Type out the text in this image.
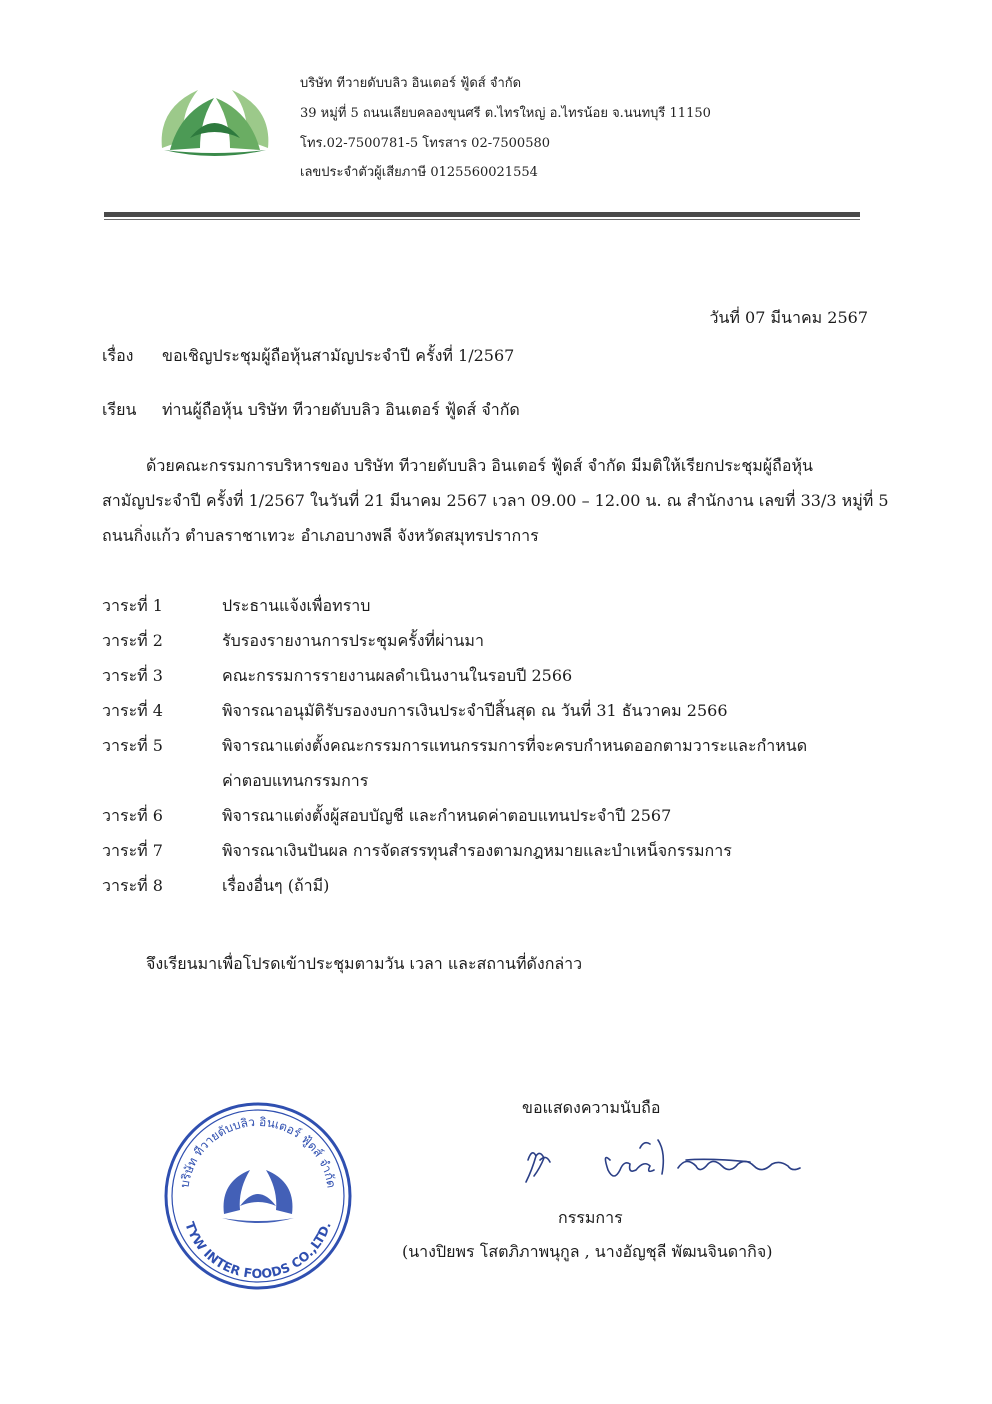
บริษัท ทีวายดับบลิว อินเตอร์ ฟู้ดส์ จำกัด
39 หมู่ที่ 5 ถนนเลียบคลองขุนศรี ต.ไทรใหญ่ อ.ไทรน้อย จ.นนทบุรี 11150
โทร.02-7500781-5 โทรสาร 02-7500580
เลขประจำตัวผู้เสียภาษี 0125560021554
วันที่ 07 มีนาคม 2567
เรื่อง ขอเชิญประชุมผู้ถือหุ้นสามัญประจำปี ครั้งที่ 1/2567
เรียน ท่านผู้ถือหุ้น บริษัท ทีวายดับบลิว อินเตอร์ ฟู้ดส์ จำกัด

ด้วยคณะกรรมการบริหารของ บริษัท ทีวายดับบลิว อินเตอร์ ฟู้ดส์ จำกัด มีมติให้เรียกประชุมผู้ถือหุ้น

สามัญประจำปี ครั้งที่ 1/2567 ในวันที่ 21 มีนาคม 2567 เวลา 09.00 – 12.00 น. ณ สำนักงาน เลขที่ 33/3 หมู่ที่ 5

ถนนกิ่งแก้ว ตำบลราชาเทวะ อำเภอบางพลี จังหวัดสมุทรปราการ

วาระที่ 1	ประธานแจ้งเพื่อทราบ
วาระที่ 2	รับรองรายงานการประชุมครั้งที่ผ่านมา
วาระที่ 3	คณะกรรมการรายงานผลดำเนินงานในรอบปี 2566
วาระที่ 4	พิจารณาอนุมัติรับรองงบการเงินประจำปีสิ้นสุด ณ วันที่ 31 ธันวาคม 2566
วาระที่ 5	พิจารณาแต่งตั้งคณะกรรมการแทนกรรมการที่จะครบกำหนดออกตามวาระและกำหนด
ค่าตอบแทนกรรมการ
วาระที่ 6	พิจารณาแต่งตั้งผู้สอบบัญชี และกำหนดค่าตอบแทนประจำปี 2567
วาระที่ 7	พิจารณาเงินปันผล การจัดสรรทุนสำรองตามกฎหมายและบำเหน็จกรรมการ
วาระที่ 8	เรื่องอื่นๆ (ถ้ามี)
จึงเรียนมาเพื่อโปรดเข้าประชุมตามวัน เวลา และสถานที่ดังกล่าว
ขอแสดงความนับถือ
กรรมการ
(นางปิยพร โสตภิภาพนุกูล , นางอัญชุลี พัฒนจินดากิจ)
บริษัท ทีวายดับบลิว อินเตอร์ ฟู้ดส์ จำกัด
TYW INTER FOODS CO.,LTD.
